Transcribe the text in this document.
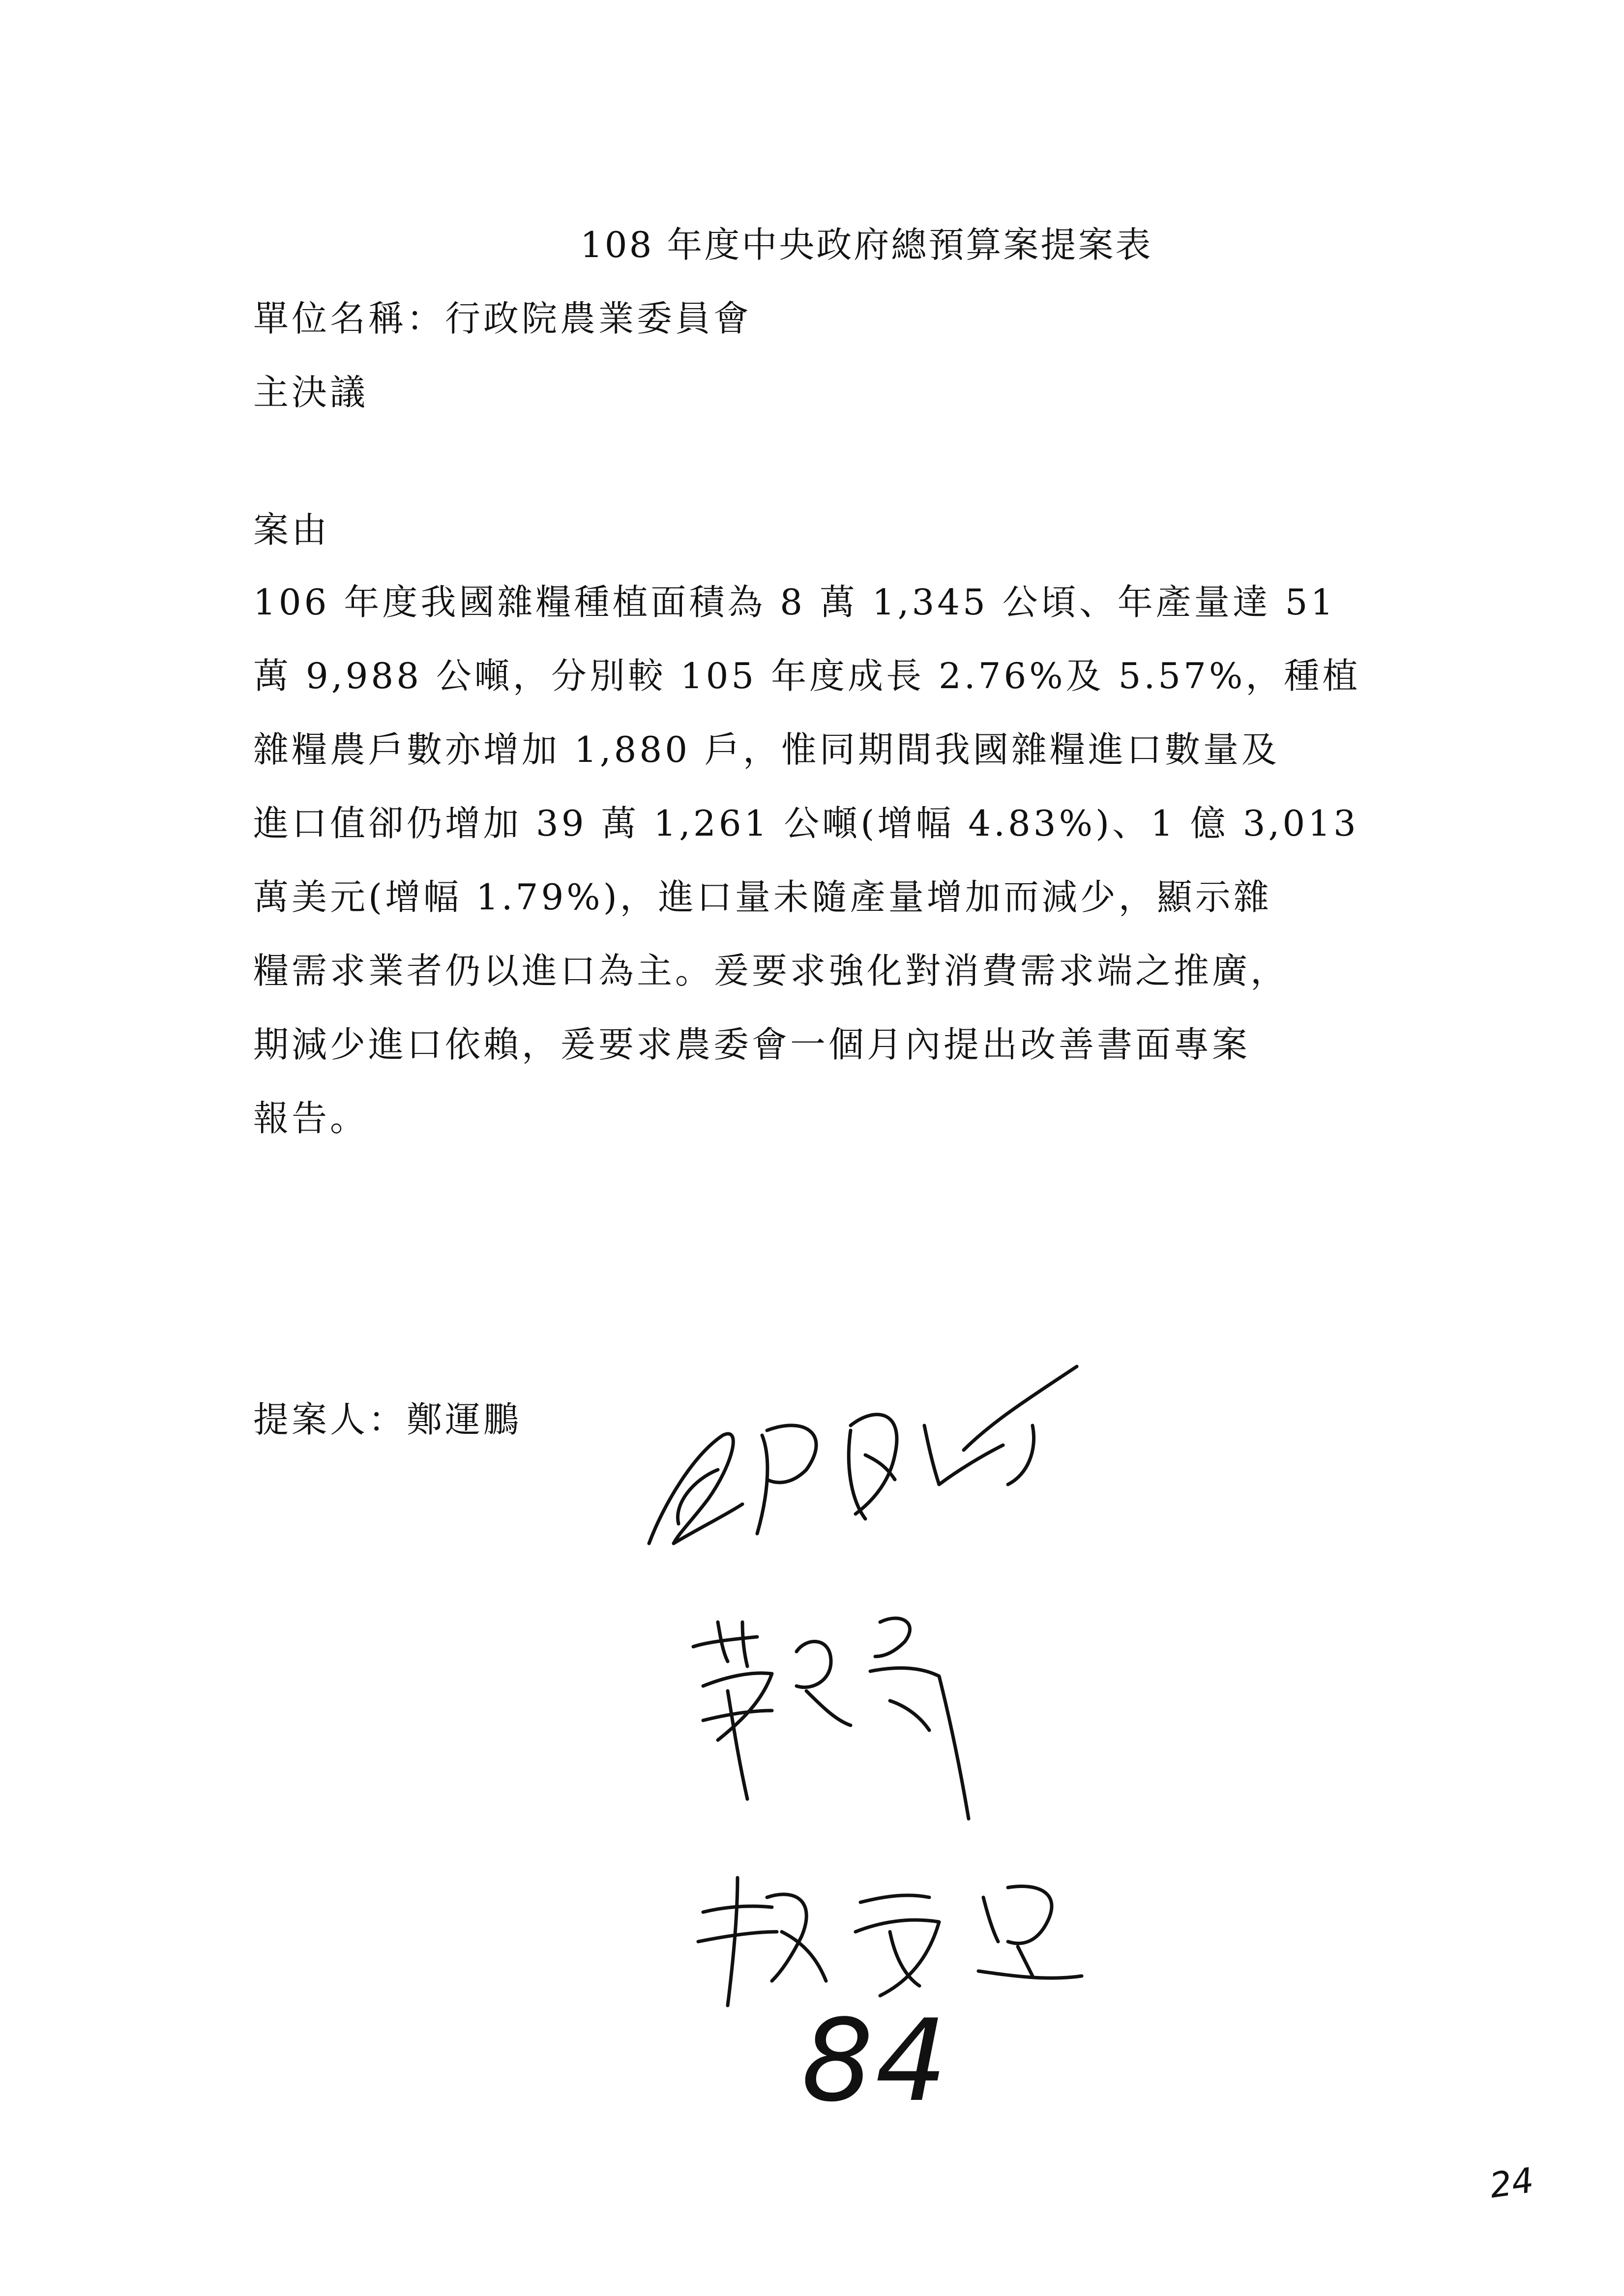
108 年度中央政府總預算案提案表
單位名稱：行政院農業委員會
主決議
案由
106 年度我國雜糧種植面積為 8 萬 1,345 公頃、年產量達 51
萬 9,988 公噸，分別較 105 年度成長 2.76%及 5.57%，種植
雜糧農戶數亦增加 1,880 戶，惟同期間我國雜糧進口數量及
進口值卻仍增加 39 萬 1,261 公噸(增幅 4.83%)、1 億 3,013
萬美元(增幅 1.79%)，進口量未隨產量增加而減少，顯示雜
糧需求業者仍以進口為主。爰要求強化對消費需求端之推廣，
期減少進口依賴，爰要求農委會一個月內提出改善書面專案
報告。
提案人：鄭運鵬
84
24
